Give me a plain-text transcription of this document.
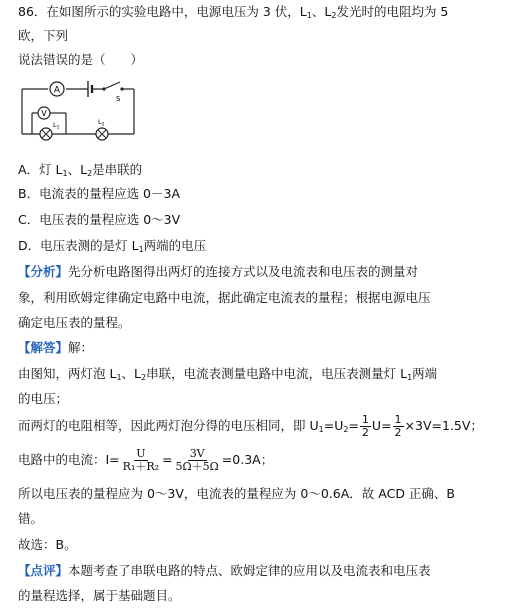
86．在如图所示的实验电路中，电源电压为 3 伏，$L_1$、$L_2$发光时的电阻均为 5
欧，下列
说法错误的是（　　）
A
V
S
$L_1$
$L_2$
A．灯 $L_1$、$L_2$是串联的
B．电流表的量程应选 0－3A
C．电压表的量程应选 0～3V
D．电压表测的是灯 $L_1$两端的电压
【分析】先分析电路图得出两灯的连接方式以及电流表和电压表的测量对
象，利用欧姆定律确定电路中电流，据此确定电流表的量程；根据电源电压
确定电压表的量程。
【解答】解：
由图知，两灯泡 $L_1$、$L_2$串联，电流表测量电路中电流，电压表测量灯 $L_1$两端
的电压；
而两灯的电阻相等，因此两灯泡分得的电压相同，即 $U_1=U_2= \frac{1}{2} U= \frac{1}{2} \times 3V=1.5V$；
电路中的电流：$I= \frac{U}{\text{R₁＋R₂}} = \frac{3V}{5\Omega+5\Omega} =0.3A$；
所以电压表的量程应为 0～3V，电流表的量程应为 0～0.6A．故 ACD 正确、B
错。
故选：B。
【点评】本题考查了串联电路的特点、欧姆定律的应用以及电流表和电压表
的量程选择，属于基础题目。
